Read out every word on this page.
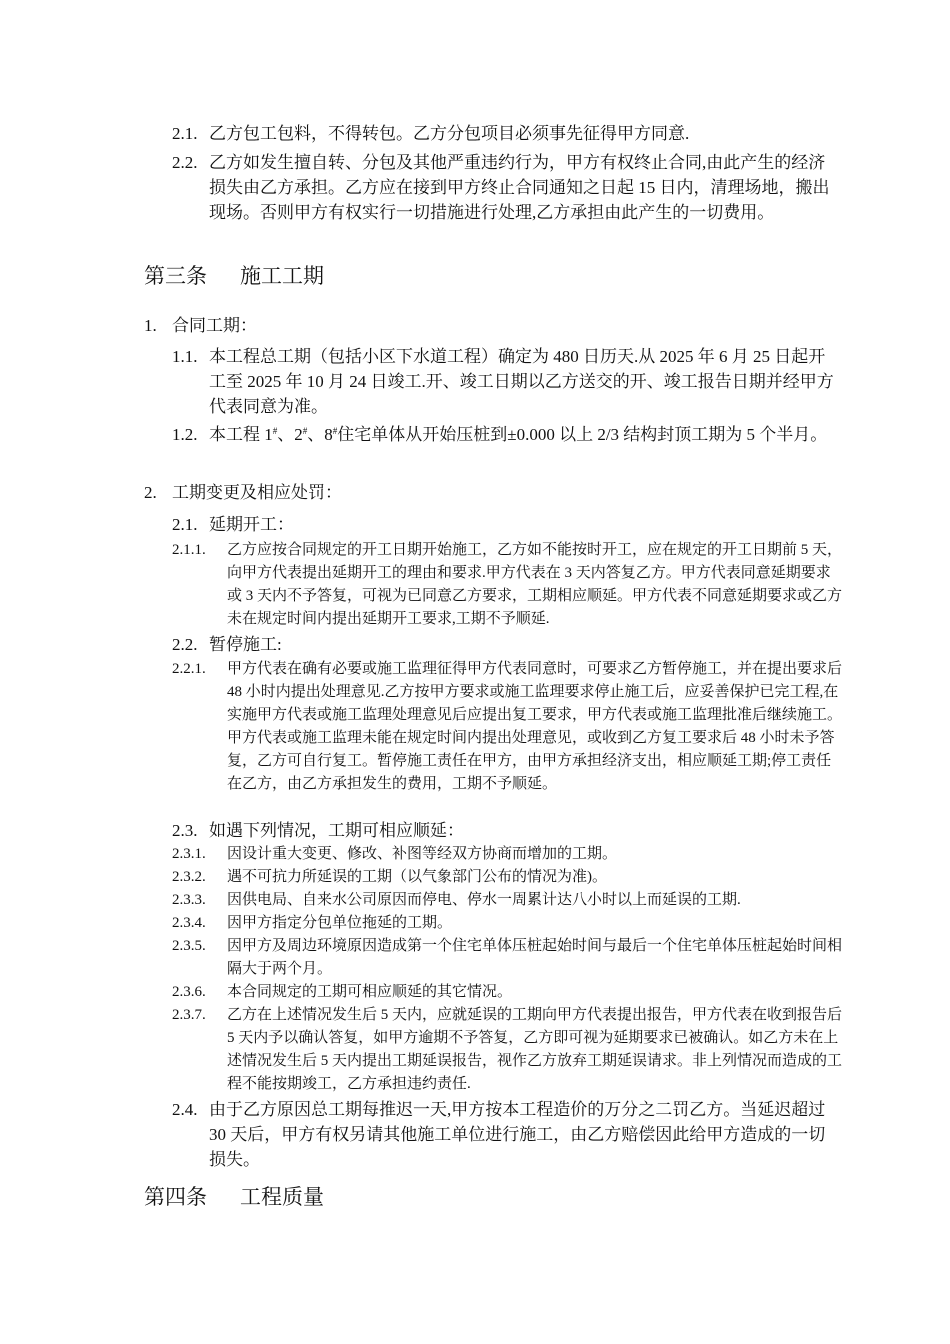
2.1. 乙方包工包料，不得转包。乙方分包项目必须事先征得甲方同意.
2.2. 乙方如发生擅自转、分包及其他严重违约行为，甲方有权终止合同,由此产生的经济损失由乙方承担。乙方应在接到甲方终止合同通知之日起 15 日内，清理场地，搬出现场。否则甲方有权实行一切措施进行处理,乙方承担由此产生的一切费用。
第三条 施工工期
1. 合同工期：
1.1. 本工程总工期（包括小区下水道工程）确定为 480 日历天.从 2025 年 6 月 25 日起开工至 2025 年 10 月 24 日竣工.开、竣工日期以乙方送交的开、竣工报告日期并经甲方代表同意为准。
1.2. 本工程 1#、2#、8#住宅单体从开始压桩到±0.000 以上 2/3 结构封顶工期为 5 个半月。
2. 工期变更及相应处罚：
2.1. 延期开工：
2.1.1. 乙方应按合同规定的开工日期开始施工，乙方如不能按时开工，应在规定的开工日期前 5 天，向甲方代表提出延期开工的理由和要求.甲方代表在 3 天内答复乙方。甲方代表同意延期要求或 3 天内不予答复，可视为已同意乙方要求，工期相应顺延。甲方代表不同意延期要求或乙方未在规定时间内提出延期开工要求,工期不予顺延.
2.2. 暂停施工:
2.2.1. 甲方代表在确有必要或施工监理征得甲方代表同意时，可要求乙方暂停施工，并在提出要求后 48 小时内提出处理意见.乙方按甲方要求或施工监理要求停止施工后，应妥善保护已完工程,在实施甲方代表或施工监理处理意见后应提出复工要求，甲方代表或施工监理批准后继续施工。甲方代表或施工监理未能在规定时间内提出处理意见，或收到乙方复工要求后 48 小时未予答复，乙方可自行复工。暂停施工责任在甲方，由甲方承担经济支出，相应顺延工期;停工责任在乙方，由乙方承担发生的费用，工期不予顺延。
2.3. 如遇下列情况，工期可相应顺延：
2.3.1. 因设计重大变更、修改、补图等经双方协商而增加的工期。
2.3.2. 遇不可抗力所延误的工期（以气象部门公布的情况为准)。
2.3.3. 因供电局、自来水公司原因而停电、停水一周累计达八小时以上而延误的工期.
2.3.4. 因甲方指定分包单位拖延的工期。
2.3.5. 因甲方及周边环境原因造成第一个住宅单体压桩起始时间与最后一个住宅单体压桩起始时间相隔大于两个月。
2.3.6. 本合同规定的工期可相应顺延的其它情况。
2.3.7. 乙方在上述情况发生后 5 天内，应就延误的工期向甲方代表提出报告，甲方代表在收到报告后 5 天内予以确认答复，如甲方逾期不予答复，乙方即可视为延期要求已被确认。如乙方未在上述情况发生后 5 天内提出工期延误报告，视作乙方放弃工期延误请求。非上列情况而造成的工程不能按期竣工，乙方承担违约责任.
2.4. 由于乙方原因总工期每推迟一天,甲方按本工程造价的万分之二罚乙方。当延迟超过 30 天后，甲方有权另请其他施工单位进行施工，由乙方赔偿因此给甲方造成的一切损失。
第四条 工程质量
